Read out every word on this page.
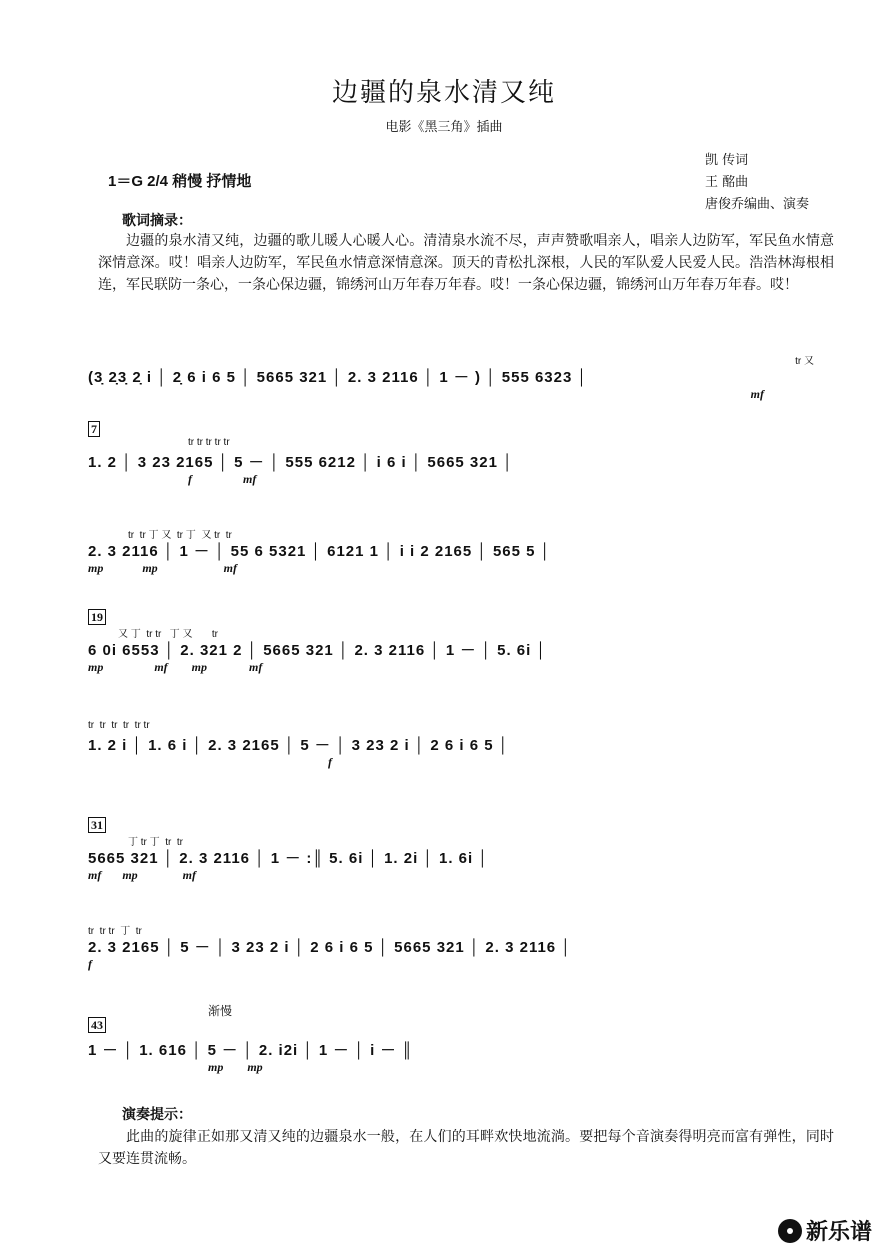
边疆的泉水清又纯
电影《黑三角》插曲
1＝G 2/4 稍慢 抒情地
凯 传词
王 酩曲
唐俊乔编曲、演奏
歌词摘录：
边疆的泉水清又纯，边疆的歌儿暖人心暖人心。清清泉水流不尽，声声赞歌唱亲人，唱亲人边防军，军民鱼水情意深情意深。哎！唱亲人边防军，军民鱼水情意深情意深。顶天的青松扎深根，人民的军队爱人民爱人民。浩浩林海根相连，军民联防一条心，一条心保边疆，锦绣河山万年春万年春。哎！一条心保边疆，锦绣河山万年春万年春。哎！
tr 又
(3̣ 2̣3̣ 2̣ i │ 2̣ 6 i 6 5 │ 5665 321 │ 2. 3 2116 │ 1 － ) │ 555 6323 │
mf
7
tr tr tr tr tr
1. 2 │ 3 23 2165 │ 5 － │ 555 6212 │ i 6 i │ 5665 321 │
f                 mf
tr  tr 丁 又  tr 丁  又 tr  tr
2. 3 2116 │ 1 － │ 55 6 5321 │ 6121 1 │ i i 2 2165 │ 565 5 │
mp             mp                      mf
19
又 丁  tr tr   丁 又       tr
6 0i 6553 │ 2. 321 2 │ 5665 321 │ 2. 3 2116 │ 1 － │ 5. 6i │
mp                 mf        mp              mf
tr  tr  tr  tr  tr tr
1. 2 i │ 1. 6 i │ 2. 3 2165 │ 5 － │ 3 23 2 i │ 2 6 i 6 5 │
f
31
丁 tr 丁  tr  tr
5665 321 │ 2. 3 2116 │ 1 － :║ 5. 6i │ 1. 2i │ 1. 6i │
mf       mp               mf
tr  tr tr  丁  tr
2. 3 2165 │ 5 － │ 3 23 2 i │ 2 6 i 6 5 │ 5665 321 │ 2. 3 2116 │
f
渐慢
43
1 － │ 1. 616 │ 5 － │ 2. i2i │ 1 － │ i － ║
mp        mp
演奏提示：
此曲的旋律正如那又清又纯的边疆泉水一般，在人们的耳畔欢快地流淌。要把每个音演奏得明亮而富有弹性，同时又要连贯流畅。
新乐谱
